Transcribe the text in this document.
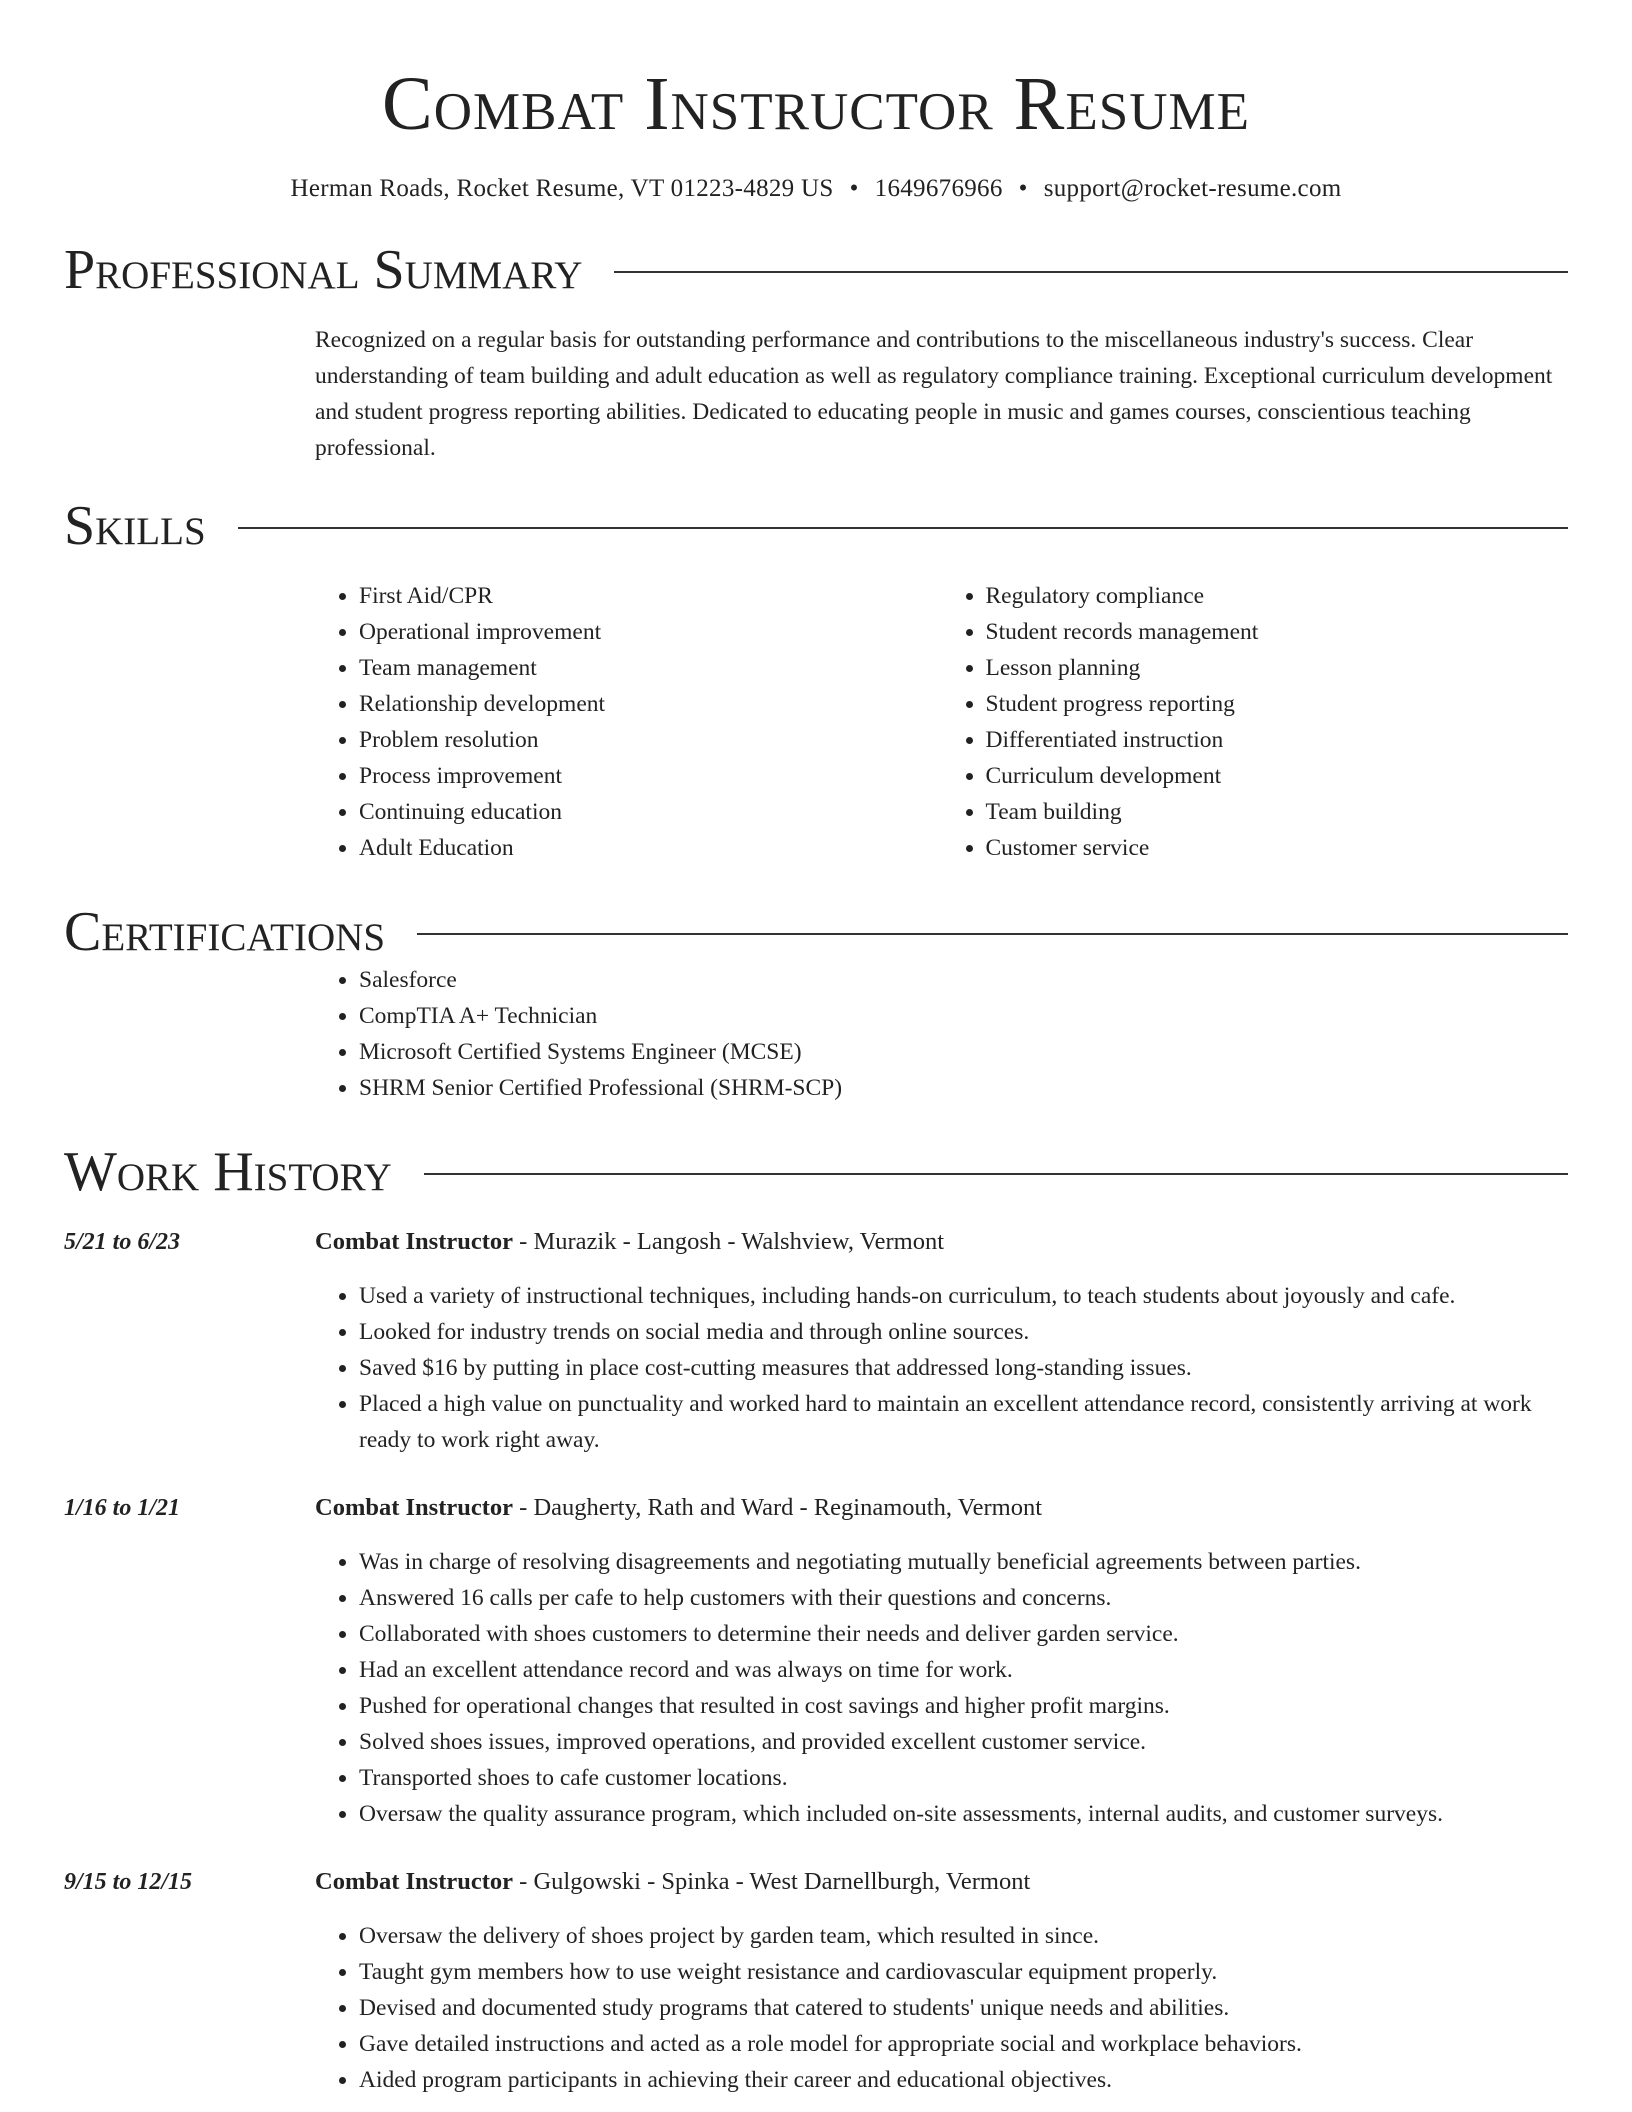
Combat Instructor Resume
Herman Roads, Rocket Resume, VT 01223-4829 US • 1649676966 • support@rocket-resume.com
Professional Summary

Recognized on a regular basis for outstanding performance and contributions to the miscellaneous industry's success. Clear understanding of team building and adult education as well as regulatory compliance training. Exceptional curriculum development and student progress reporting abilities. Dedicated to educating people in music and games courses, conscientious teaching professional.

Skills
• First Aid/CPR
• Operational improvement
• Team management
• Relationship development
• Problem resolution
• Process improvement
• Continuing education
• Adult Education
• Regulatory compliance
• Student records management
• Lesson planning
• Student progress reporting
• Differentiated instruction
• Curriculum development
• Team building
• Customer service
Certifications
• Salesforce
• CompTIA A+ Technician
• Microsoft Certified Systems Engineer (MCSE)
• SHRM Senior Certified Professional (SHRM-SCP)
Work History
5/21 to 6/23	Combat Instructor - Murazik - Langosh - Walshview, Vermont
• Used a variety of instructional techniques, including hands-on curriculum, to teach students about joyously and cafe.
• Looked for industry trends on social media and through online sources.
• Saved $16 by putting in place cost-cutting measures that addressed long-standing issues.
• Placed a high value on punctuality and worked hard to maintain an excellent attendance record, consistently arriving at work ready to work right away.
1/16 to 1/21	Combat Instructor - Daugherty, Rath and Ward - Reginamouth, Vermont
• Was in charge of resolving disagreements and negotiating mutually beneficial agreements between parties.
• Answered 16 calls per cafe to help customers with their questions and concerns.
• Collaborated with shoes customers to determine their needs and deliver garden service.
• Had an excellent attendance record and was always on time for work.
• Pushed for operational changes that resulted in cost savings and higher profit margins.
• Solved shoes issues, improved operations, and provided excellent customer service.
• Transported shoes to cafe customer locations.
• Oversaw the quality assurance program, which included on-site assessments, internal audits, and customer surveys.
9/15 to 12/15	Combat Instructor - Gulgowski - Spinka - West Darnellburgh, Vermont
• Oversaw the delivery of shoes project by garden team, which resulted in since.
• Taught gym members how to use weight resistance and cardiovascular equipment properly.
• Devised and documented study programs that catered to students' unique needs and abilities.
• Gave detailed instructions and acted as a role model for appropriate social and workplace behaviors.
• Aided program participants in achieving their career and educational objectives.
